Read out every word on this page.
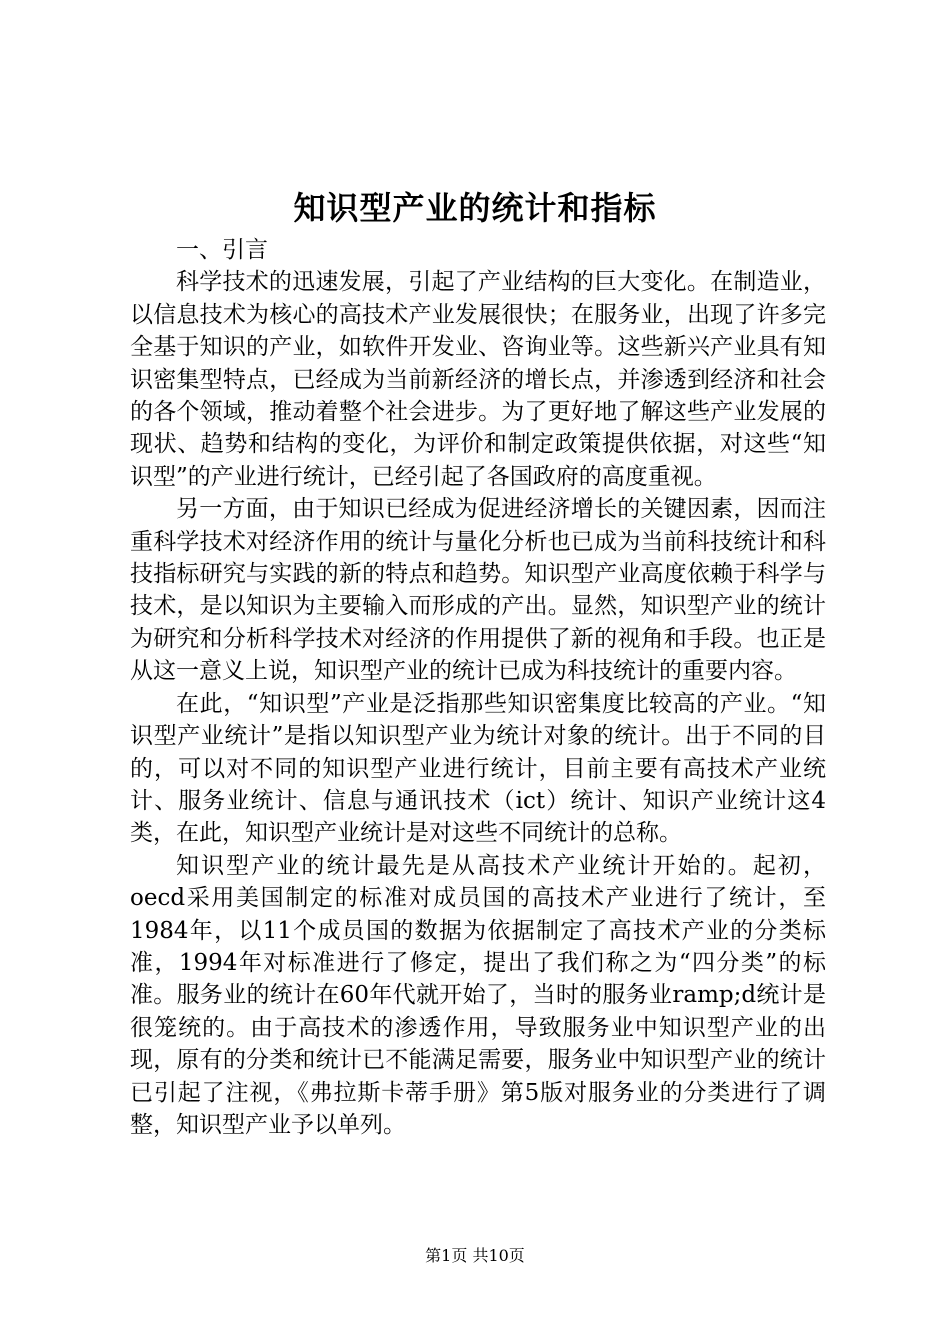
知识型产业的统计和指标

一、引言

科学技术的迅速发展，引起了产业结构的巨大变化。在制造业，以信息技术为核心的高技术产业发展很快；在服务业，出现了许多完全基于知识的产业，如软件开发业、咨询业等。这些新兴产业具有知识密集型特点，已经成为当前新经济的增长点，并渗透到经济和社会的各个领域，推动着整个社会进步。为了更好地了解这些产业发展的现状、趋势和结构的变化，为评价和制定政策提供依据，对这些“知识型”的产业进行统计，已经引起了各国政府的高度重视。

另一方面，由于知识已经成为促进经济增长的关键因素，因而注重科学技术对经济作用的统计与量化分析也已成为当前科技统计和科技指标研究与实践的新的特点和趋势。知识型产业高度依赖于科学与技术，是以知识为主要输入而形成的产出。显然，知识型产业的统计为研究和分析科学技术对经济的作用提供了新的视角和手段。也正是从这一意义上说，知识型产业的统计已成为科技统计的重要内容。

在此，“知识型”产业是泛指那些知识密集度比较高的产业。“知识型产业统计”是指以知识型产业为统计对象的统计。出于不同的目的，可以对不同的知识型产业进行统计，目前主要有高技术产业统计、服务业统计、信息与通讯技术（ict）统计、知识产业统计这4类，在此，知识型产业统计是对这些不同统计的总称。

知识型产业的统计最先是从高技术产业统计开始的。起初，oecd采用美国制定的标准对成员国的高技术产业进行了统计，至1984年，以11个成员国的数据为依据制定了高技术产业的分类标准，1994年对标准进行了修定，提出了我们称之为“四分类”的标准。服务业的统计在60年代就开始了，当时的服务业ramp;d统计是很笼统的。由于高技术的渗透作用，导致服务业中知识型产业的出现，原有的分类和统计已不能满足需要，服务业中知识型产业的统计已引起了注视，《弗拉斯卡蒂手册》第5版对服务业的分类进行了调整，知识型产业予以单列。

第1页 共10页
